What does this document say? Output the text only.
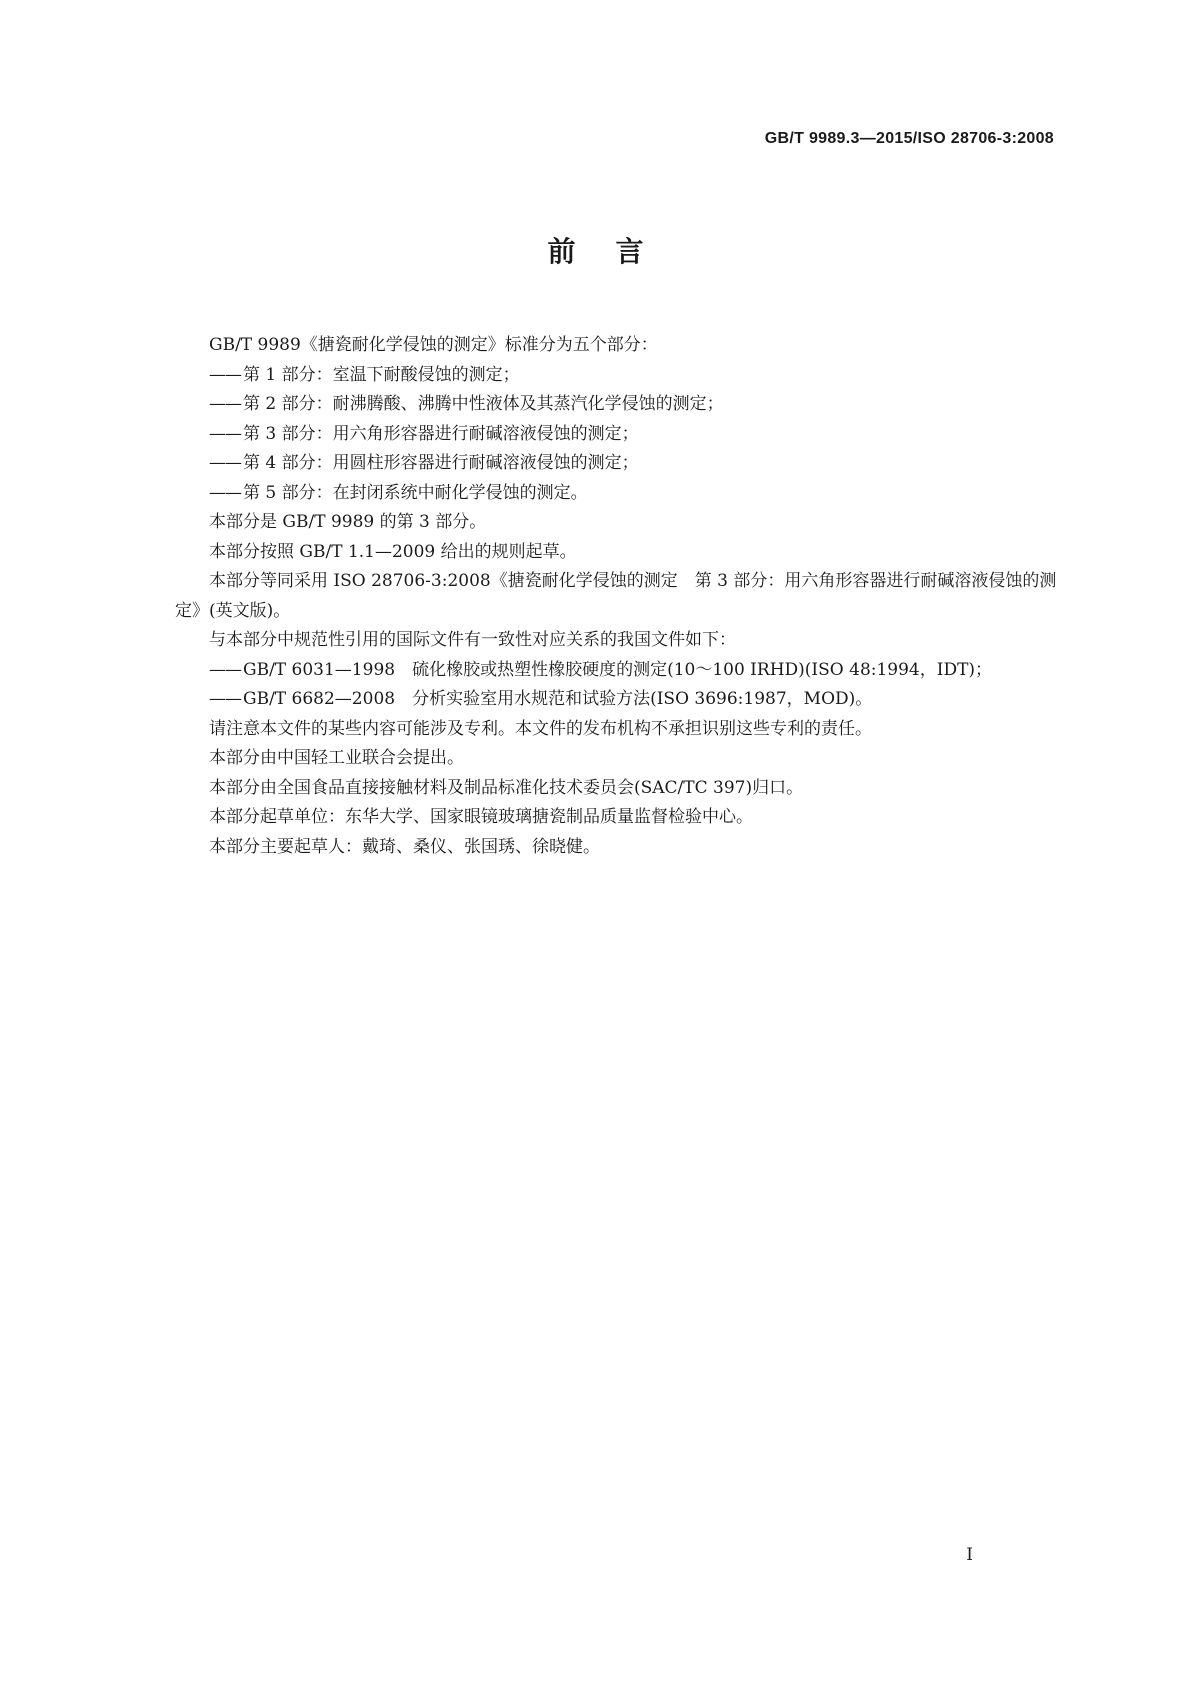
GB/T 9989.3—2015/ISO 28706-3:2008
前言

GB/T 9989《搪瓷耐化学侵蚀的测定》标准分为五个部分：

—— 第 1 部分：室温下耐酸侵蚀的测定；

—— 第 2 部分：耐沸腾酸、沸腾中性液体及其蒸汽化学侵蚀的测定；

—— 第 3 部分：用六角形容器进行耐碱溶液侵蚀的测定；

—— 第 4 部分：用圆柱形容器进行耐碱溶液侵蚀的测定；

—— 第 5 部分：在封闭系统中耐化学侵蚀的测定。

本部分是 GB/T 9989 的第 3 部分。

本部分按照 GB/T 1.1—2009 给出的规则起草。

本部分等同采用 ISO 28706-3:2008《搪瓷耐化学侵蚀的测定　第 3 部分：用六角形容器进行耐碱溶液侵蚀的测定》(英文版)。

与本部分中规范性引用的国际文件有一致性对应关系的我国文件如下：

—— GB/T 6031—1998　硫化橡胶或热塑性橡胶硬度的测定(10～100 IRHD)(ISO 48:1994，IDT)；

—— GB/T 6682—2008　分析实验室用水规范和试验方法(ISO 3696:1987，MOD)。

请注意本文件的某些内容可能涉及专利。本文件的发布机构不承担识别这些专利的责任。

本部分由中国轻工业联合会提出。

本部分由全国食品直接接触材料及制品标准化技术委员会(SAC/TC 397)归口。

本部分起草单位：东华大学、国家眼镜玻璃搪瓷制品质量监督检验中心。

本部分主要起草人：戴琦、桑仪、张国琇、徐晓健。

I
